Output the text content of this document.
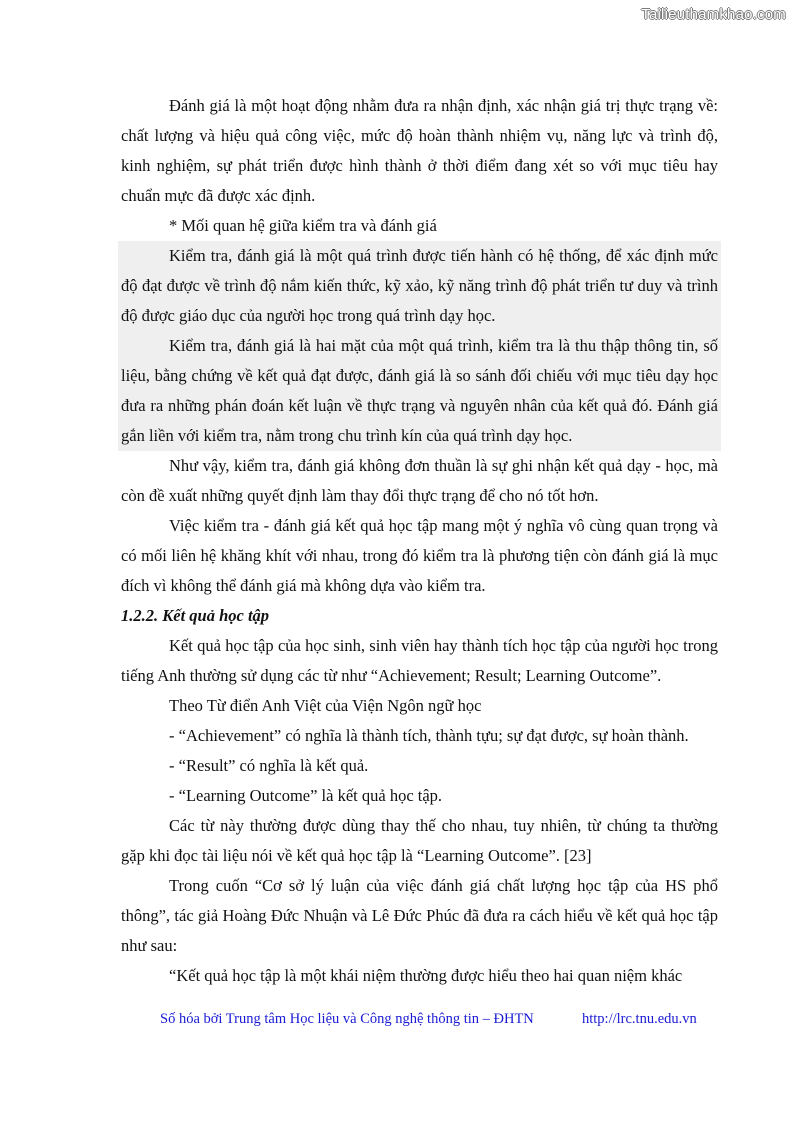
Tailieuthamkhao.com

Đánh giá là một hoạt động nhằm đưa ra nhận định, xác nhận giá trị thực trạng về: chất lượng và hiệu quả công việc, mức độ hoàn thành nhiệm vụ, năng lực và trình độ, kinh nghiệm, sự phát triển được hình thành ở thời điểm đang xét so với mục tiêu hay chuẩn mực đã được xác định.

* Mối quan hệ giữa kiểm tra và đánh giá

Kiểm tra, đánh giá là một quá trình được tiến hành có hệ thống, để xác định mức độ đạt được về trình độ nắm kiến thức, kỹ xảo, kỹ năng trình độ phát triển tư duy và trình độ được giáo dục của người học trong quá trình dạy học.

Kiểm tra, đánh giá là hai mặt của một quá trình, kiểm tra là thu thập thông tin, số liệu, bằng chứng về kết quả đạt được, đánh giá là so sánh đối chiếu với mục tiêu dạy học đưa ra những phán đoán kết luận về thực trạng và nguyên nhân của kết quả đó. Đánh giá gắn liền với kiểm tra, nằm trong chu trình kín của quá trình dạy học.

Như vậy, kiểm tra, đánh giá không đơn thuần là sự ghi nhận kết quả dạy - học, mà còn đề xuất những quyết định làm thay đổi thực trạng để cho nó tốt hơn.

Việc kiểm tra - đánh giá kết quả học tập mang một ý nghĩa vô cùng quan trọng và có mối liên hệ khăng khít với nhau, trong đó kiểm tra là phương tiện còn đánh giá là mục đích vì không thể đánh giá mà không dựa vào kiểm tra.

1.2.2. Kết quả học tập

Kết quả học tập của học sinh, sinh viên hay thành tích học tập của người học trong tiếng Anh thường sử dụng các từ như “Achievement; Result; Learning Outcome”.

Theo Từ điển Anh Việt của Viện Ngôn ngữ học

- “Achievement” có nghĩa là thành tích, thành tựu; sự đạt được, sự hoàn thành.

- “Result” có nghĩa là kết quả.

- “Learning Outcome” là kết quả học tập.

Các từ này thường được dùng thay thế cho nhau, tuy nhiên, từ chúng ta thường gặp khi đọc tài liệu nói về kết quả học tập là “Learning Outcome”. [23]

Trong cuốn “Cơ sở lý luận của việc đánh giá chất lượng học tập của HS phổ thông”, tác giả Hoàng Đức Nhuận và Lê Đức Phúc đã đưa ra cách hiểu về kết quả học tập như sau:

“Kết quả học tập là một khái niệm thường được hiểu theo hai quan niệm khác

Số hóa bởi Trung tâm Học liệu và Công nghệ thông tin – ĐHTN	http://lrc.tnu.edu.vn
